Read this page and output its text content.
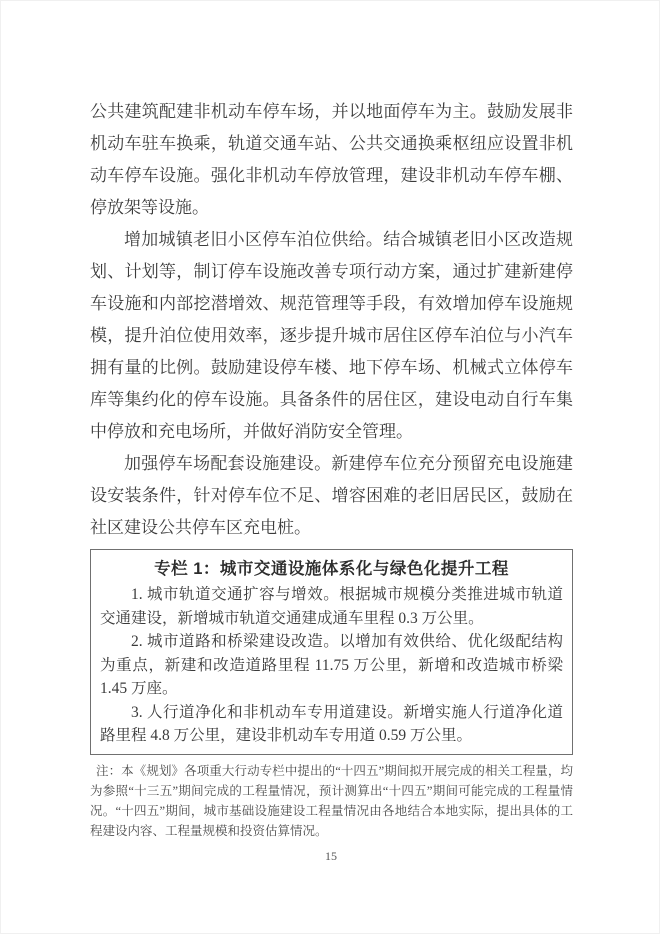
公共建筑配建非机动车停车场，并以地面停车为主。鼓励发展非机动车驻车换乘，轨道交通车站、公共交通换乘枢纽应设置非机动车停车设施。强化非机动车停放管理，建设非机动车停车棚、停放架等设施。

增加城镇老旧小区停车泊位供给。结合城镇老旧小区改造规划、计划等，制订停车设施改善专项行动方案，通过扩建新建停车设施和内部挖潜增效、规范管理等手段，有效增加停车设施规模，提升泊位使用效率，逐步提升城市居住区停车泊位与小汽车拥有量的比例。鼓励建设停车楼、地下停车场、机械式立体停车库等集约化的停车设施。具备条件的居住区，建设电动自行车集中停放和充电场所，并做好消防安全管理。

加强停车场配套设施建设。新建停车位充分预留充电设施建设安装条件，针对停车位不足、增容困难的老旧居民区，鼓励在社区建设公共停车区充电桩。

专栏 1：城市交通设施体系化与绿色化提升工程

1. 城市轨道交通扩容与增效。根据城市规模分类推进城市轨道交通建设，新增城市轨道交通建成通车里程 0.3 万公里。

2. 城市道路和桥梁建设改造。以增加有效供给、优化级配结构为重点，新建和改造道路里程 11.75 万公里，新增和改造城市桥梁 1.45 万座。

3. 人行道净化和非机动车专用道建设。新增实施人行道净化道路里程 4.8 万公里，建设非机动车专用道 0.59 万公里。

注：本《规划》各项重大行动专栏中提出的“十四五”期间拟开展完成的相关工程量，均为参照“十三五”期间完成的工程量情况，预计测算出“十四五”期间可能完成的工程量情况。“十四五”期间，城市基础设施建设工程量情况由各地结合本地实际，提出具体的工程建设内容、工程量规模和投资估算情况。

15
